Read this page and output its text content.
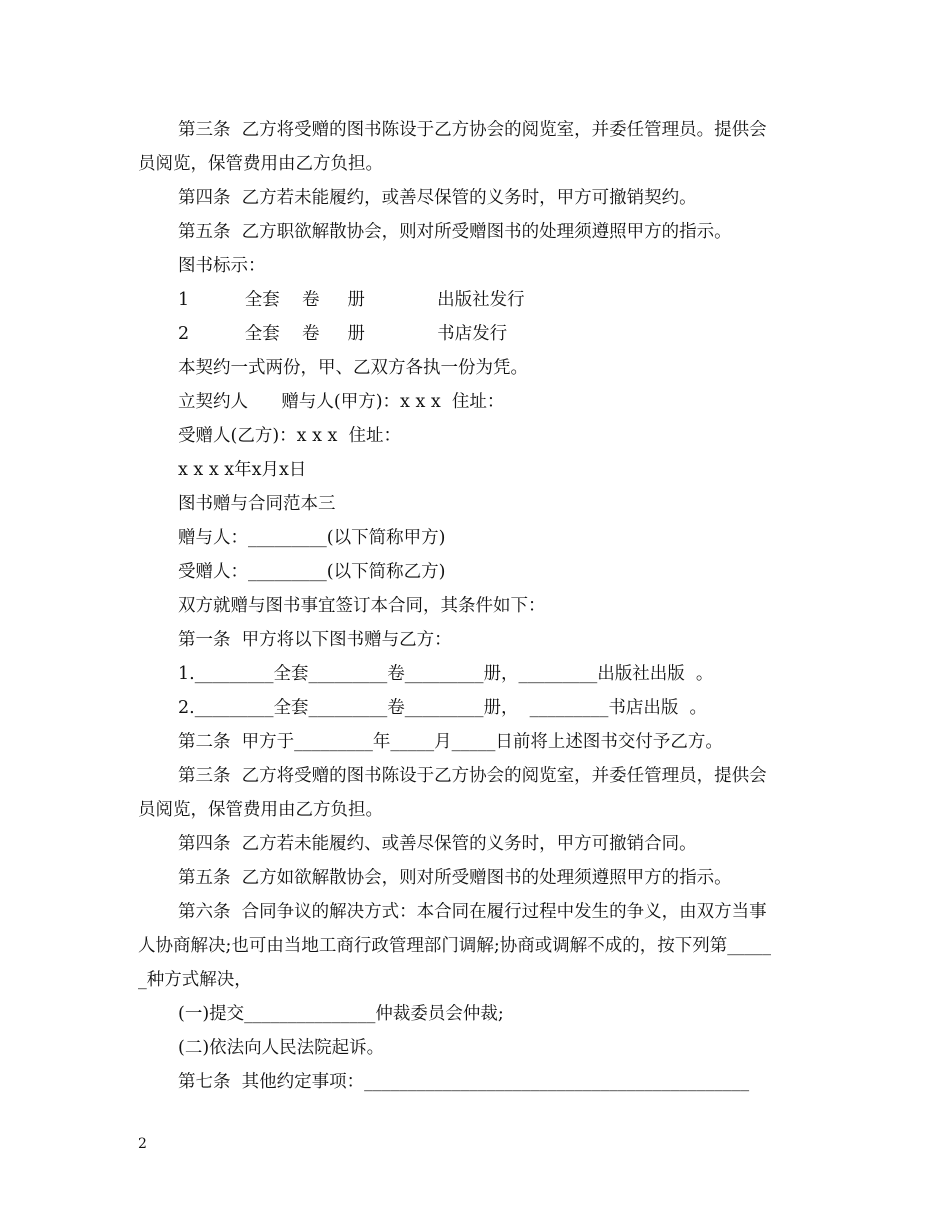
第三条  乙方将受赠的图书陈设于乙方协会的阅览室，并委任管理员。提供会
员阅览，保管费用由乙方负担。
第四条  乙方若未能履约，或善尽保管的义务时，甲方可撤销契约。
第五条  乙方职欲解散协会，则对所受赠图书的处理须遵照甲方的指示。
图书标示：
1          全套    卷     册             出版社发行
2          全套    卷     册             书店发行
本契约一式两份，甲、乙双方各执一份为凭。
立契约人      赠与人(甲方)：x x x  住址：
受赠人(乙方)：x x x  住址：
x x x x年x月x日
图书赠与合同范本三
赠与人：_________(以下简称甲方)
受赠人：_________(以下简称乙方)
双方就赠与图书事宜签订本合同，其条件如下：
第一条  甲方将以下图书赠与乙方：
1._________全套_________卷_________册，_________出版社出版  。
2._________全套_________卷_________册，  _________书店出版  。
第二条  甲方于_________年_____月_____日前将上述图书交付予乙方。
第三条  乙方将受赠的图书陈设于乙方协会的阅览室，并委任管理员，提供会
员阅览，保管费用由乙方负担。
第四条  乙方若未能履约、或善尽保管的义务时，甲方可撤销合同。
第五条  乙方如欲解散协会，则对所受赠图书的处理须遵照甲方的指示。
第六条  合同争议的解决方式：本合同在履行过程中发生的争义，由双方当事
人协商解决;也可由当地工商行政管理部门调解;协商或调解不成的，按下列第_____
_种方式解决，
(一)提交_______________仲裁委员会仲裁;
(二)依法向人民法院起诉。
第七条  其他约定事项：____________________________________________
2
